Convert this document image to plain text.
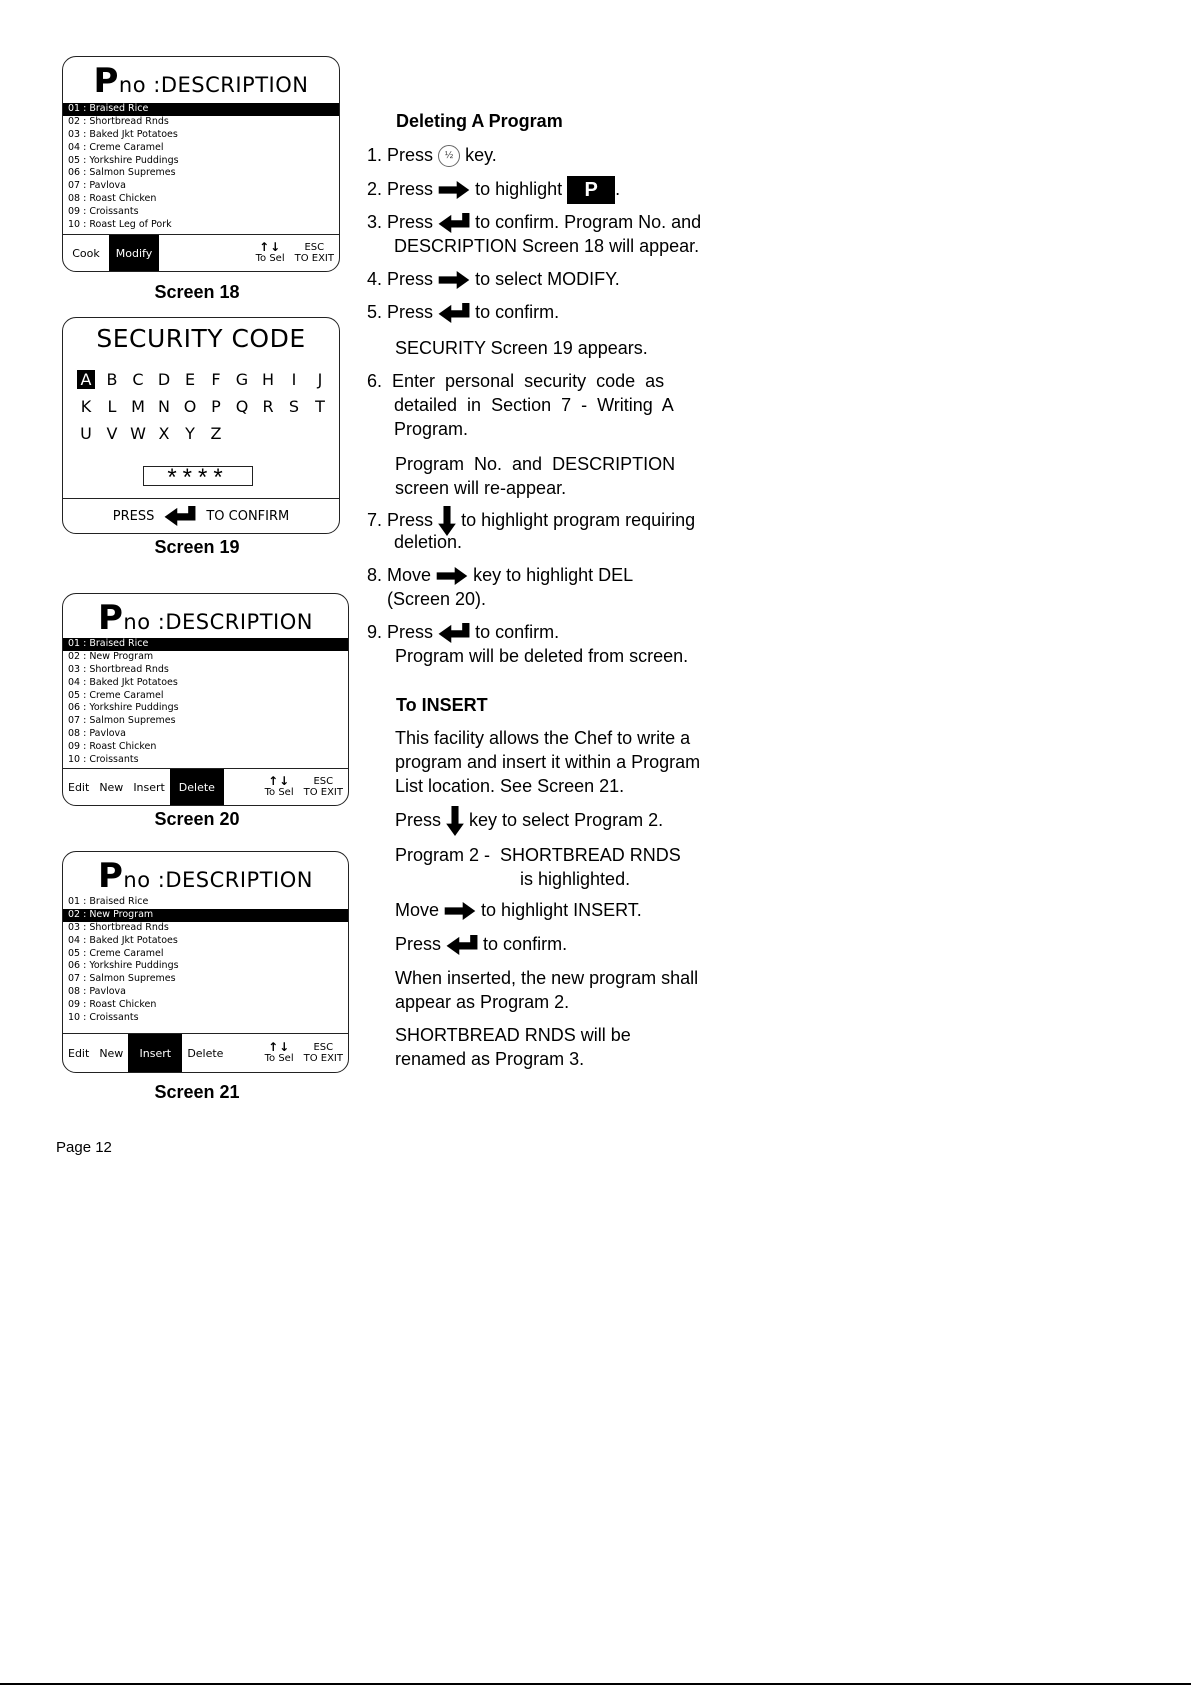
Pno :DESCRIPTION
01 : Braised Rice
02 : Shortbread Rnds
03 : Baked Jkt Potatoes
04 : Creme Caramel
05 : Yorkshire Puddings
06 : Salmon Supremes
07 : Pavlova
08 : Roast Chicken
09 : Croissants
10 : Roast Leg of Pork
Cook	Modify	↑↓
To Sel
ESC
TO EXIT
Screen 18
SECURITY CODE
A B C D E	F G H	I	J
K	L M N O P Q R S	T
U V W X Y Z
****
PRESS	TO CONFIRM
Screen 19
Pno :DESCRIPTION
01 : Braised Rice
02 : New Program
03 : Shortbread Rnds
04 : Baked Jkt Potatoes
05 : Creme Caramel
06 : Yorkshire Puddings
07 : Salmon Supremes
08 : Pavlova
09 : Roast Chicken
10 : Croissants
Edit New Insert	Delete	↑↓
To Sel
ESC
TO EXIT
Screen 20
Pno :DESCRIPTION
01 : Braised Rice
02 : New Program
03 : Shortbread Rnds
04 : Baked Jkt Potatoes
05 : Creme Caramel
06 : Yorkshire Puddings
07 : Salmon Supremes
08 : Pavlova
09 : Roast Chicken
10 : Croissants
Edit New	Insert	Delete	↑↓
To Sel
ESC
TO EXIT
Screen 21
Deleting A Program
1. Press ½ key.
2. Press to highlight P .
3. Press to confirm. Program No. and
DESCRIPTION Screen 18 will appear.
4. Press to select MODIFY.
5. Press to confirm.
SECURITY Screen 19 appears.
6.  Enter  personal  security  code  as
detailed  in  Section  7  -  Writing  A
Program.
Program  No.  and  DESCRIPTION
screen will re-appear.
7. Press to highlight program requiring
deletion.
8. Move key to highlight DEL
(Screen 20).
9. Press to confirm.
Program will be deleted from screen.
To INSERT
This facility allows the Chef to write a
program and insert it within a Program
List location. See Screen 21.
Press key to select Program 2.
Program 2 -  SHORTBREAD RNDS
is highlighted.
Move to highlight INSERT.
Press to confirm.
When inserted, the new program shall
appear as Program 2.
SHORTBREAD RNDS will be
renamed as Program 3.
Page 12
